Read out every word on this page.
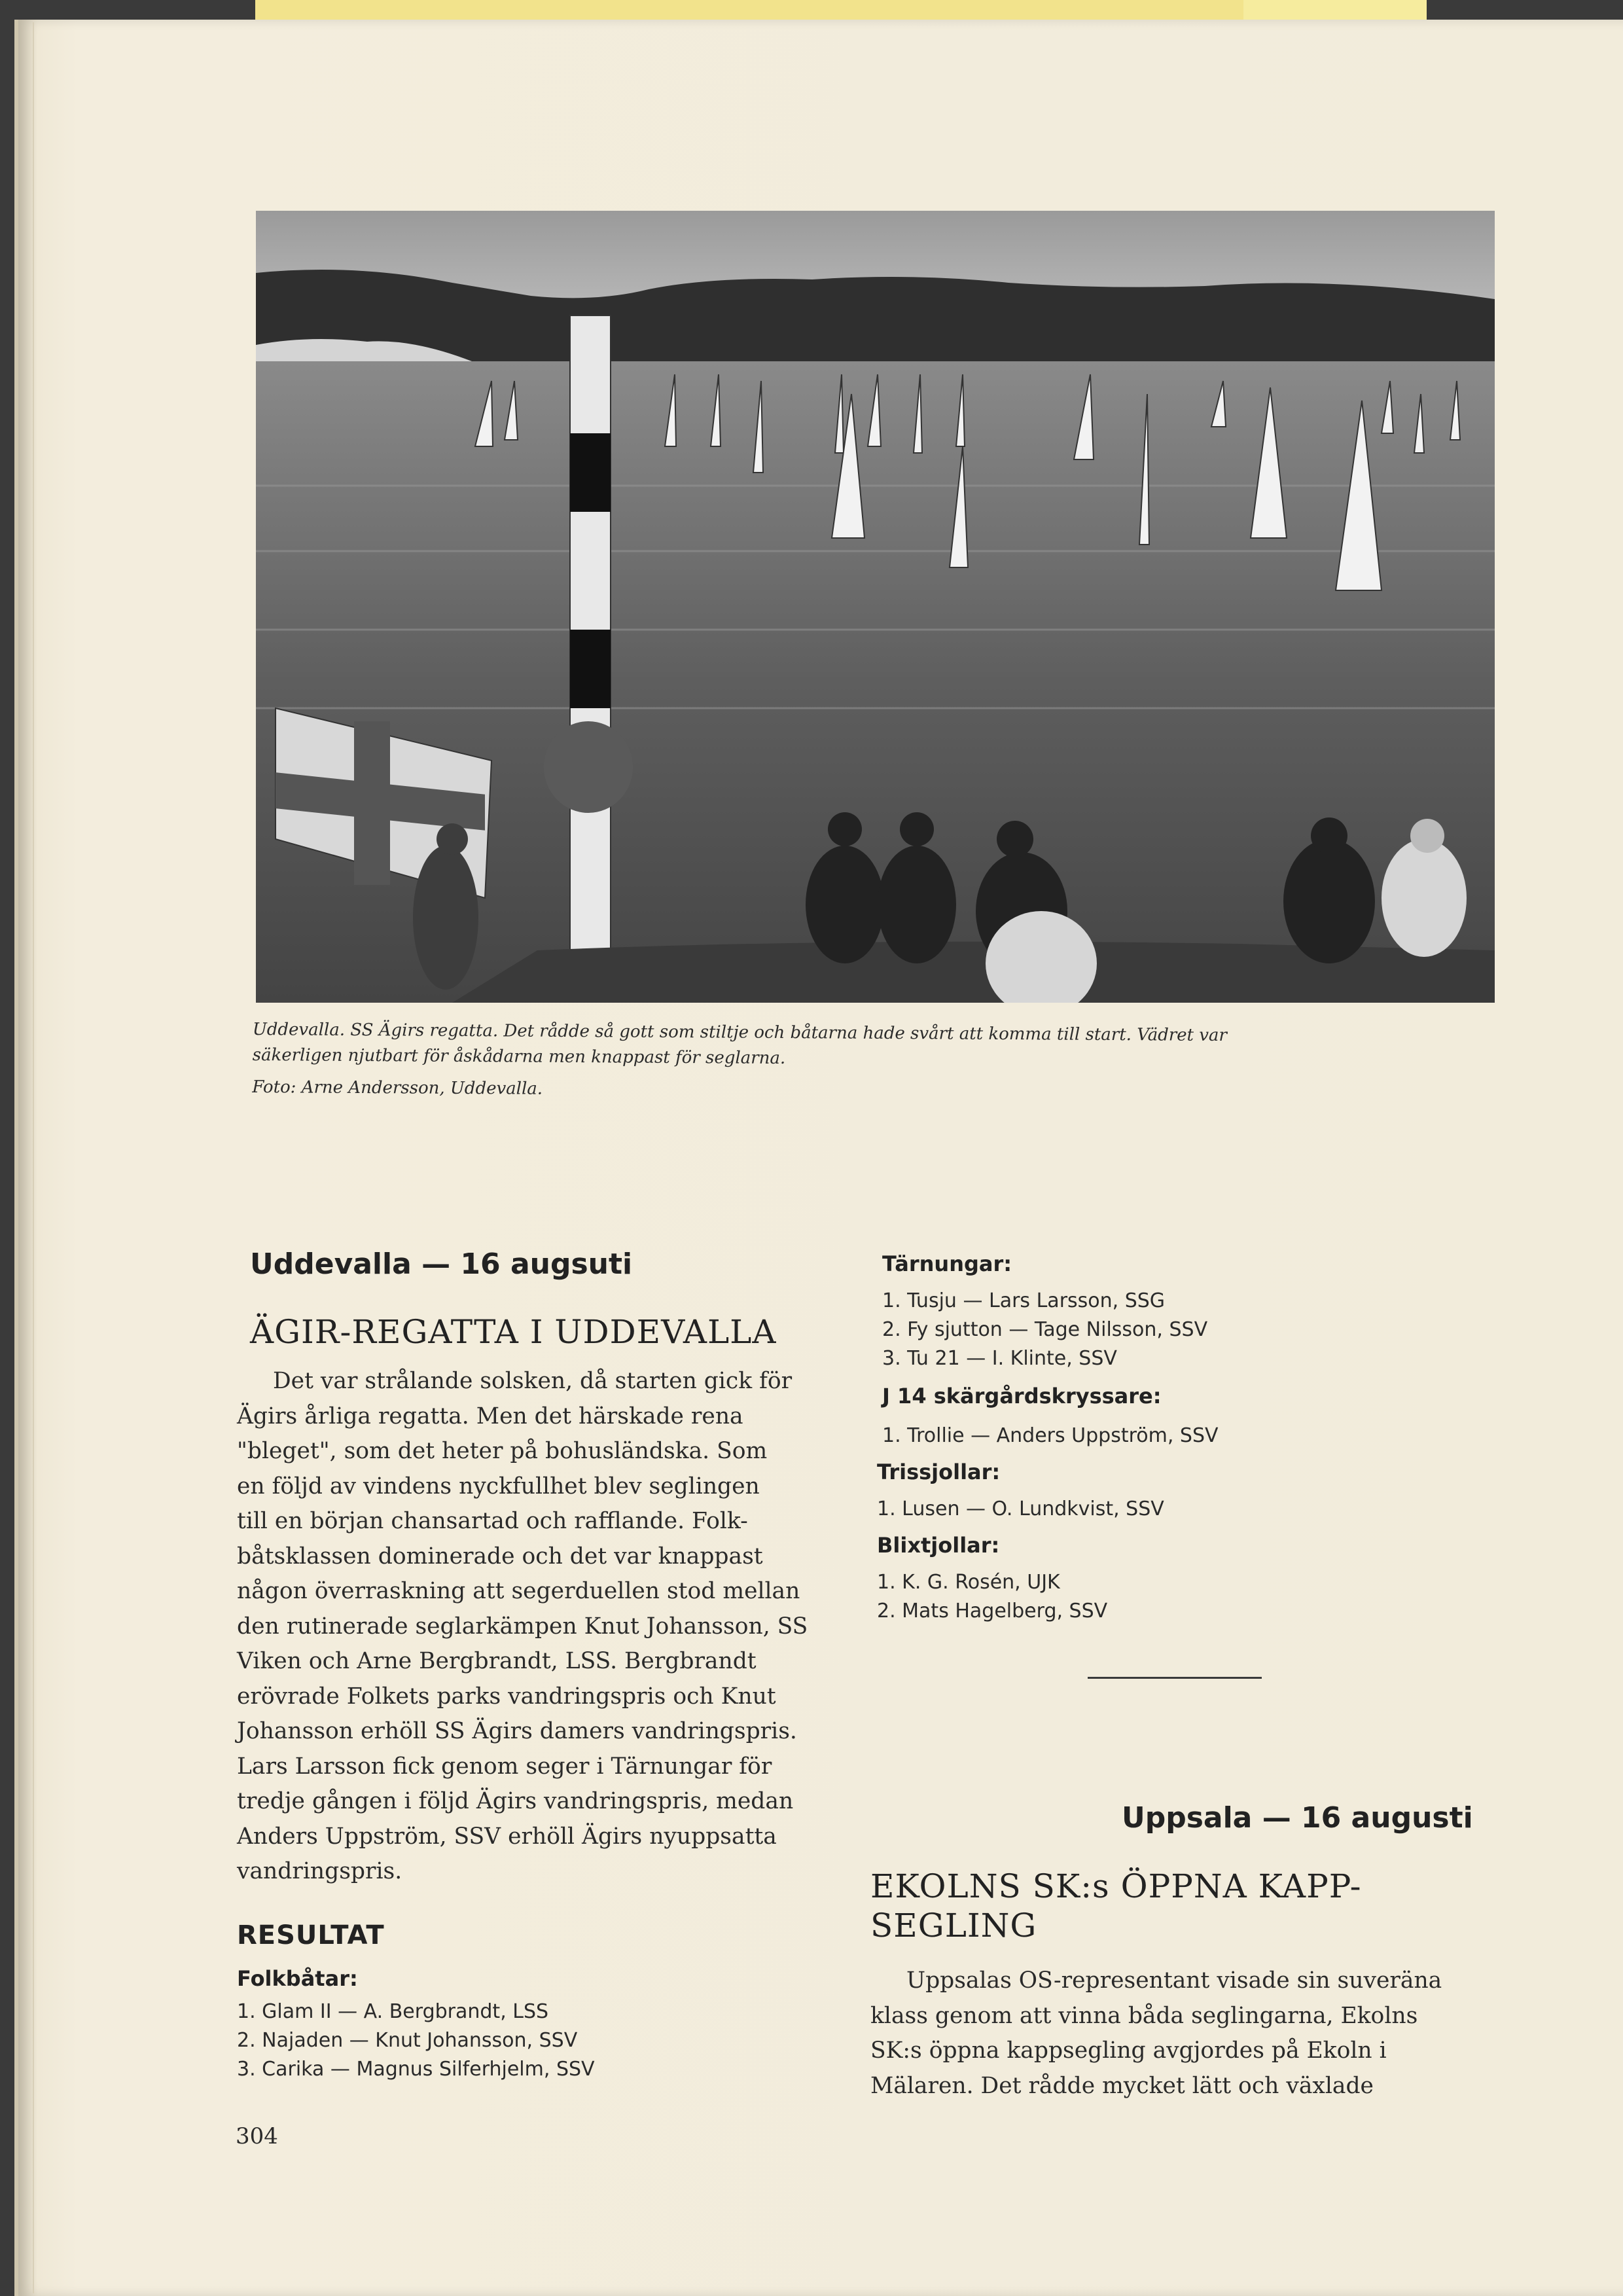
Uddevalla. SS Ägirs regatta. Det rådde så gott som stiltje och båtarna hade svårt att komma till start. Vädret var
säkerligen njutbart för åskådarna men knappast för seglarna.
Foto: Arne Andersson, Uddevalla.
Uddevalla — 16 augsuti
ÄGIR-REGATTA I UDDEVALLA
Det var strålande solsken, då starten gick för
Ägirs årliga regatta. Men det härskade rena
"bleget", som det heter på bohusländska. Som
en följd av vindens nyckfullhet blev seglingen
till en början chansartad och rafflande. Folk-
båtsklassen dominerade och det var knappast
någon överraskning att segerduellen stod mellan
den rutinerade seglarkämpen Knut Johansson, SS
Viken och Arne Bergbrandt, LSS. Bergbrandt
erövrade Folkets parks vandringspris och Knut
Johansson erhöll SS Ägirs damers vandringspris.
Lars Larsson fick genom seger i Tärnungar för
tredje gången i följd Ägirs vandringspris, medan
Anders Uppström, SSV erhöll Ägirs nyuppsatta
vandringspris.
RESULTAT
Folkbåtar:
1. Glam II — A. Bergbrandt, LSS
2. Najaden — Knut Johansson, SSV
3. Carika — Magnus Silferhjelm, SSV
304
Tärnungar:
1. Tusju — Lars Larsson, SSG
2. Fy sjutton — Tage Nilsson, SSV
3. Tu 21 — I. Klinte, SSV
J 14 skärgårdskryssare:
1. Trollie — Anders Uppström, SSV
Trissjollar:
1. Lusen — O. Lundkvist, SSV
Blixtjollar:
1. K. G. Rosén, UJK
2. Mats Hagelberg, SSV
Uppsala — 16 augusti
EKOLNS SK:s ÖPPNA KAPP-
SEGLING
Uppsalas OS-representant visade sin suveräna
klass genom att vinna båda seglingarna, Ekolns
SK:s öppna kappsegling avgjordes på Ekoln i
Mälaren. Det rådde mycket lätt och växlade
